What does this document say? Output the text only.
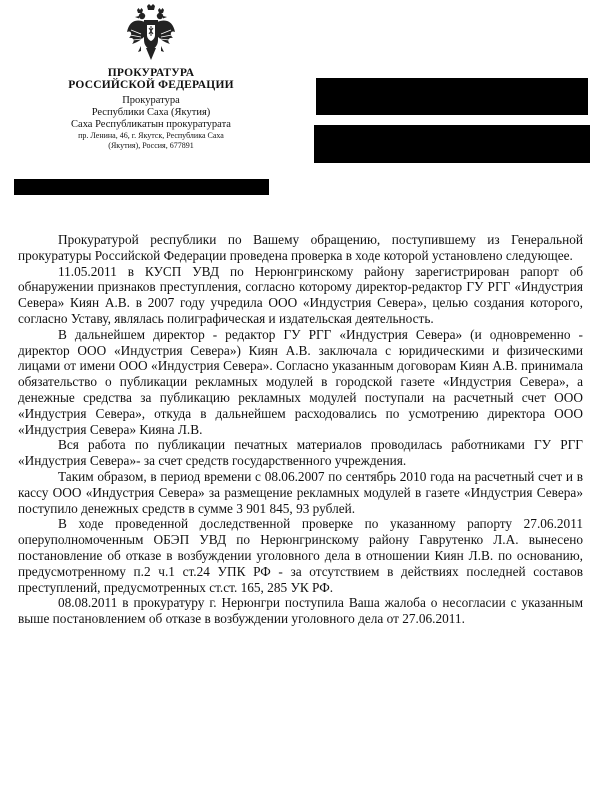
ПРОКУРАТУРА
РОССИЙСКОЙ ФЕДЕРАЦИИ
Прокуратура
Республики Саха (Якутия)
Саха Республикатын прокуратурата
пр. Ленина, 46, г. Якутск, Республика Саха
(Якутия), Россия, 677891

Прокуратурой республики по Вашему обращению, поступившему из Генеральной прокуратуры Российской Федерации проведена проверка в ходе которой установлено следующее.

11.05.2011 в КУСП УВД по Нерюнгринскому району зарегистрирован рапорт об обнаружении признаков преступления, согласно которому директор-редактор ГУ РГГ «Индустрия Севера» Киян А.В. в 2007 году учредила ООО «Индустрия Севера», целью создания которого, согласно Уставу, являлась полиграфическая и издательская деятельность.

В дальнейшем директор - редактор ГУ РГГ «Индустрия Севера» (и одновременно - директор ООО «Индустрия Севера») Киян А.В. заключала с юридическими и физическими лицами от имени ООО «Индустрия Севера». Согласно указанным договорам Киян А.В. принимала обязательство о публикации рекламных модулей в городской газете «Индустрия Севера», а денежные средства за публикацию рекламных модулей поступали на расчетный счет ООО «Индустрия Севера», откуда в дальнейшем расходовались по усмотрению директора ООО «Индустрия Севера» Кияна Л.В.

Вся работа по публикации печатных материалов проводилась работниками ГУ РГГ «Индустрия Севера»- за счет средств государственного учреждения.

Таким образом, в период времени с 08.06.2007 по сентябрь 2010 года на расчетный счет и в кассу ООО «Индустрия Севера» за размещение рекламных модулей в газете «Индустрия Севера» поступило денежных средств в сумме 3 901 845, 93 рублей.

В ходе проведенной доследственной проверке по указанному рапорту 27.06.2011 оперуполномоченным ОБЭП УВД по Нерюнгринскому району Гаврутенко Л.А. вынесено постановление об отказе в возбуждении уголовного дела в отношении Киян Л.В. по основанию, предусмотренному п.2 ч.1 ст.24 УПК РФ - за отсутствием в действиях последней составов преступлений, предусмотренных ст.ст. 165, 285 УК РФ.

08.08.2011 в прокуратуру г. Нерюнгри поступила Ваша жалоба о несогласии с указанным выше постановлением об отказе в возбуждении уголовного дела от 27.06.2011.
